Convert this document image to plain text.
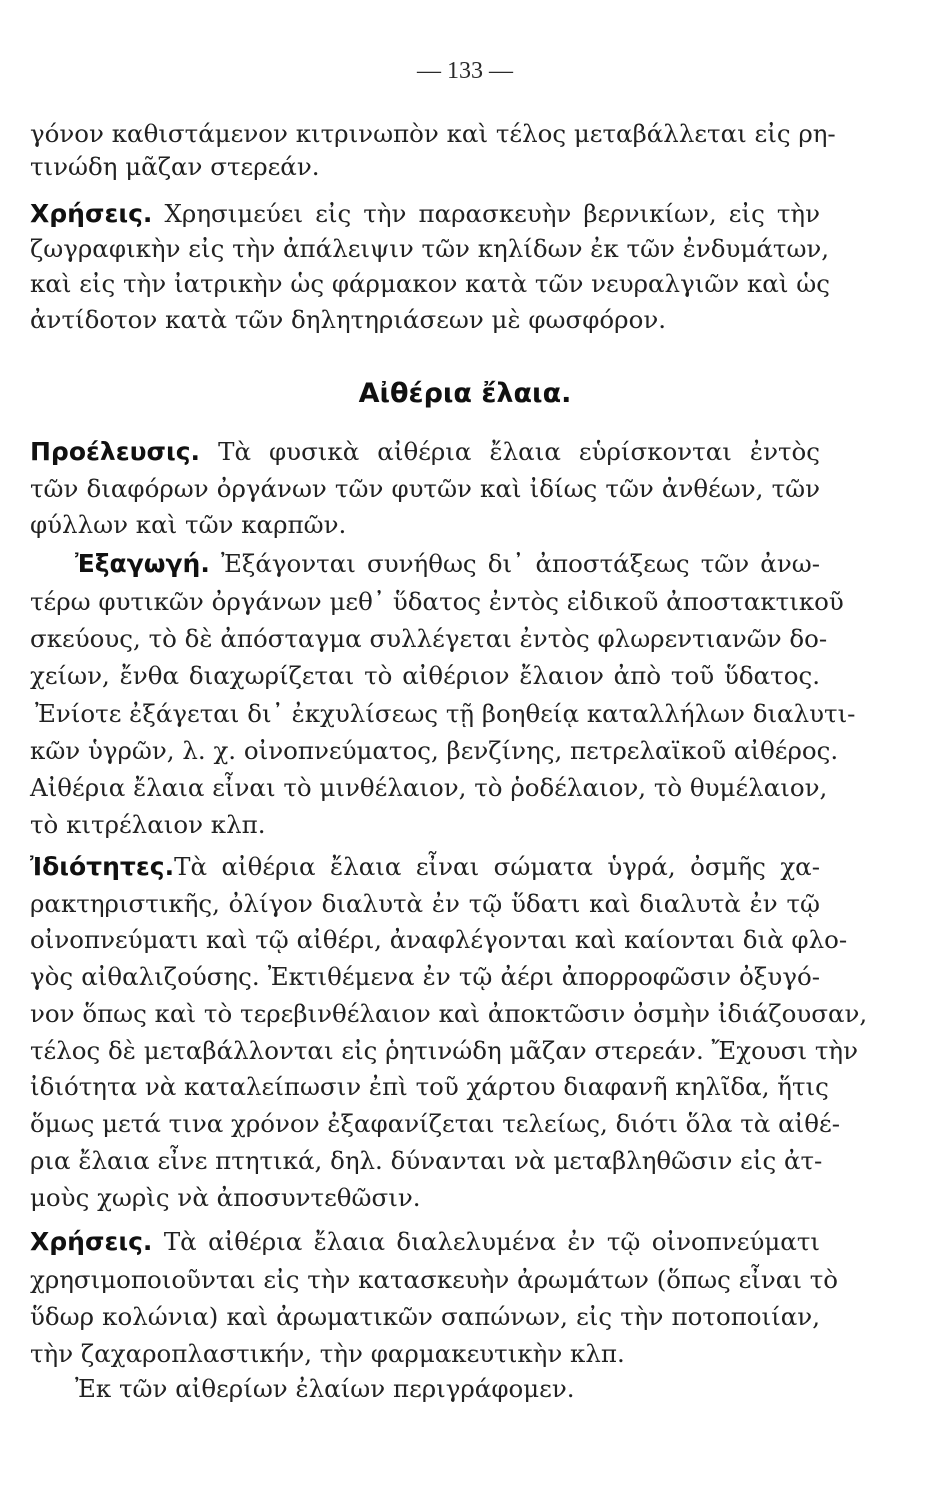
— 133 —
γόνον καθιστάμενον κιτρινωπὸν καὶ τέλος μεταβάλλεται εἰς ρη-
τινώδη μᾶζαν στερεάν.
Χρήσεις. Χρησιμεύει εἰς τὴν παρασκευὴν βερνικίων, εἰς τὴν
ζωγραφικὴν εἰς τὴν ἀπάλειψιν τῶν κηλίδων ἐκ τῶν ἐνδυμάτων,
καὶ εἰς τὴν ἰατρικὴν ὡς φάρμακον κατὰ τῶν νευραλγιῶν καὶ ὡς
ἀντίδοτον κατὰ τῶν δηλητηριάσεων μὲ φωσφόρον.
Αἰθέρια ἔλαια.
Προέλευσις. Τὰ φυσικὰ αἰθέρια ἔλαια εὑρίσκονται ἐντὸς
τῶν διαφόρων ὀργάνων τῶν φυτῶν καὶ ἰδίως τῶν ἀνθέων, τῶν
φύλλων καὶ τῶν καρπῶν.
Ἐξαγωγή. Ἐξάγονται συνήθως δι᾽ ἀποστάξεως τῶν ἀνω-
τέρω φυτικῶν ὀργάνων μεθ᾽ ὕδατος ἐντὸς εἰδικοῦ ἀποστακτικοῦ
σκεύους, τὸ δὲ ἀπόσταγμα συλλέγεται ἐντὸς φλωρεντιανῶν δο-
χείων, ἔνθα διαχωρίζεται τὸ αἰθέριον ἔλαιον ἀπὸ τοῦ ὕδατος.
Ἐνίοτε ἐξάγεται δι᾽ ἐκχυλίσεως τῇ βοηθείᾳ καταλλήλων διαλυτι-
κῶν ὑγρῶν, λ. χ. οἰνοπνεύματος, βενζίνης, πετρελαϊκοῦ αἰθέρος.
Αἰθέρια ἔλαια εἶναι τὸ μινθέλαιον, τὸ ῥοδέλαιον, τὸ θυμέλαιον,
τὸ κιτρέλαιον κλπ.
Ἰδιότητες.Τὰ αἰθέρια ἔλαια εἶναι σώματα ὑγρά, ὀσμῆς χα-
ρακτηριστικῆς, ὀλίγον διαλυτὰ ἐν τῷ ὕδατι καὶ διαλυτὰ ἐν τῷ
οἰνοπνεύματι καὶ τῷ αἰθέρι, ἀναφλέγονται καὶ καίονται διὰ φλο-
γὸς αἰθαλιζούσης. Ἐκτιθέμενα ἐν τῷ ἀέρι ἀπορροφῶσιν ὀξυγό-
νον ὅπως καὶ τὸ τερεβινθέλαιον καὶ ἀποκτῶσιν ὀσμὴν ἰδιάζουσαν,
τέλος δὲ μεταβάλλονται εἰς ῥητινώδη μᾶζαν στερεάν. Ἔχουσι τὴν
ἰδιότητα νὰ καταλείπωσιν ἐπὶ τοῦ χάρτου διαφανῆ κηλῖδα, ἥτις
ὅμως μετά τινα χρόνον ἐξαφανίζεται τελείως, διότι ὅλα τὰ αἰθέ-
ρια ἔλαια εἶνε πτητικά, δηλ. δύνανται νὰ μεταβληθῶσιν εἰς ἀτ-
μοὺς χωρὶς νὰ ἀποσυντεθῶσιν.
Χρήσεις. Τὰ αἰθέρια ἔλαια διαλελυμένα ἐν τῷ οἰνοπνεύματι
χρησιμοποιοῦνται εἰς τὴν κατασκευὴν ἀρωμάτων (ὅπως εἶναι τὸ
ὕδωρ κολώνια) καὶ ἀρωματικῶν σαπώνων, εἰς τὴν ποτοποιίαν,
τὴν ζαχαροπλαστικήν, τὴν φαρμακευτικὴν κλπ.
Ἐκ τῶν αἰθερίων ἐλαίων περιγράφομεν.
